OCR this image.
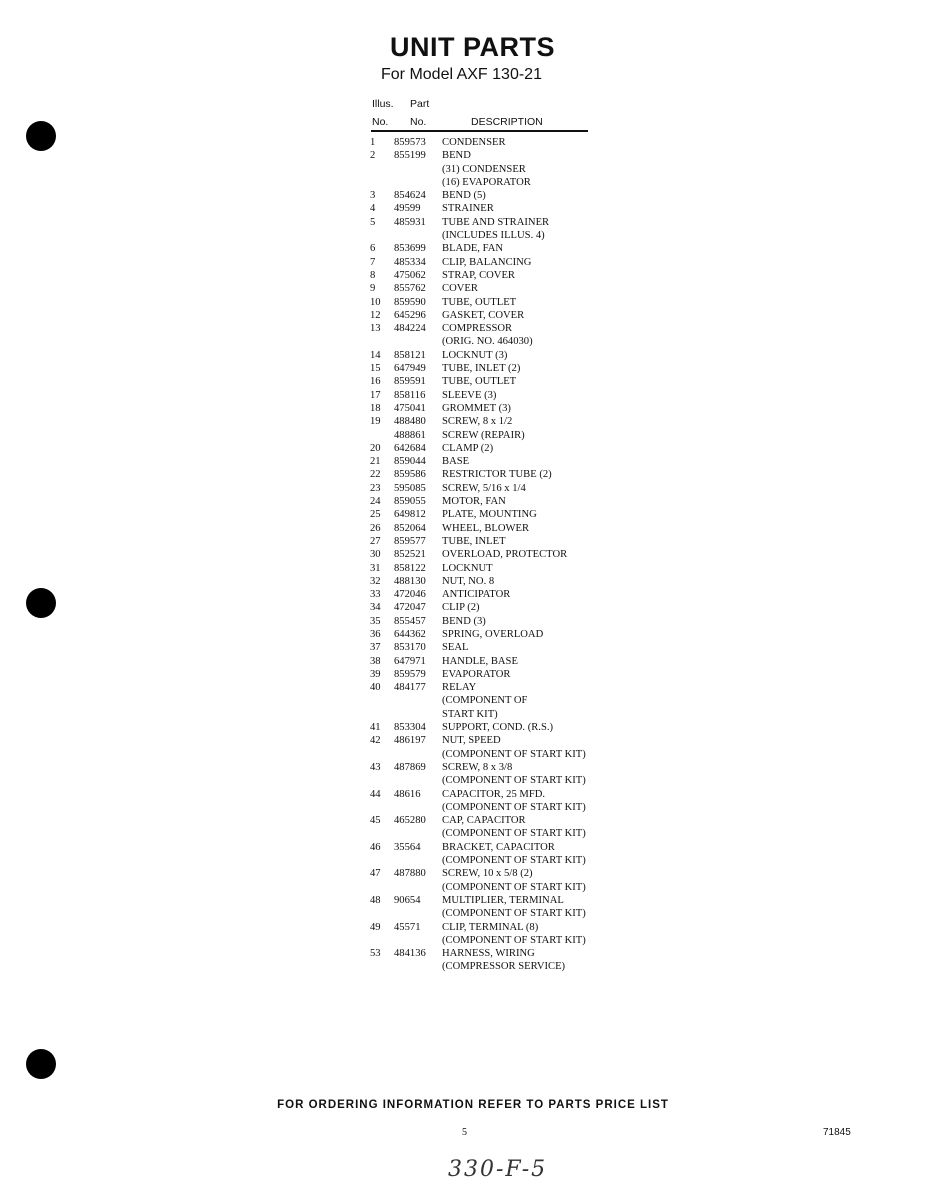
UNIT PARTS

For Model AXF 130-21

Illus. Part
No. No.	DESCRIPTION
1	859573	CONDENSER
2	855199	BEND
(31) CONDENSER
(16) EVAPORATOR
3	854624	BEND (5)
4	49599	STRAINER
5	485931	TUBE AND STRAINER
(INCLUDES ILLUS. 4)
6	853699	BLADE, FAN
7	485334	CLIP, BALANCING
8	475062	STRAP, COVER
9	855762	COVER
10	859590	TUBE, OUTLET
12	645296	GASKET, COVER
13	484224	COMPRESSOR
(ORIG. NO. 464030)
14	858121	LOCKNUT (3)
15	647949	TUBE, INLET (2)
16	859591	TUBE, OUTLET
17	858116	SLEEVE (3)
18	475041	GROMMET (3)
19	488480	SCREW, 8 x 1/2
488861	SCREW (REPAIR)
20	642684	CLAMP (2)
21	859044	BASE
22	859586	RESTRICTOR TUBE (2)
23	595085	SCREW, 5/16 x 1/4
24	859055	MOTOR, FAN
25	649812	PLATE, MOUNTING
26	852064	WHEEL, BLOWER
27	859577	TUBE, INLET
30	852521	OVERLOAD, PROTECTOR
31	858122	LOCKNUT
32	488130	NUT, NO. 8
33	472046	ANTICIPATOR
34	472047	CLIP (2)
35	855457	BEND (3)
36	644362	SPRING, OVERLOAD
37	853170	SEAL
38	647971	HANDLE, BASE
39	859579	EVAPORATOR
40	484177	RELAY
(COMPONENT OF
START KIT)
41	853304	SUPPORT, COND. (R.S.)
42	486197	NUT, SPEED
(COMPONENT OF START KIT)
43	487869	SCREW, 8 x 3/8
(COMPONENT OF START KIT)
44	48616	CAPACITOR, 25 MFD.
(COMPONENT OF START KIT)
45	465280	CAP, CAPACITOR
(COMPONENT OF START KIT)
46	35564	BRACKET, CAPACITOR
(COMPONENT OF START KIT)
47	487880	SCREW, 10 x 5/8 (2)
(COMPONENT OF START KIT)
48	90654	MULTIPLIER, TERMINAL
(COMPONENT OF START KIT)
49	45571	CLIP, TERMINAL (8)
(COMPONENT OF START KIT)
53	484136	HARNESS, WIRING
(COMPRESSOR SERVICE)

FOR ORDERING INFORMATION REFER TO PARTS PRICE LIST

5	71845
330-F-5
